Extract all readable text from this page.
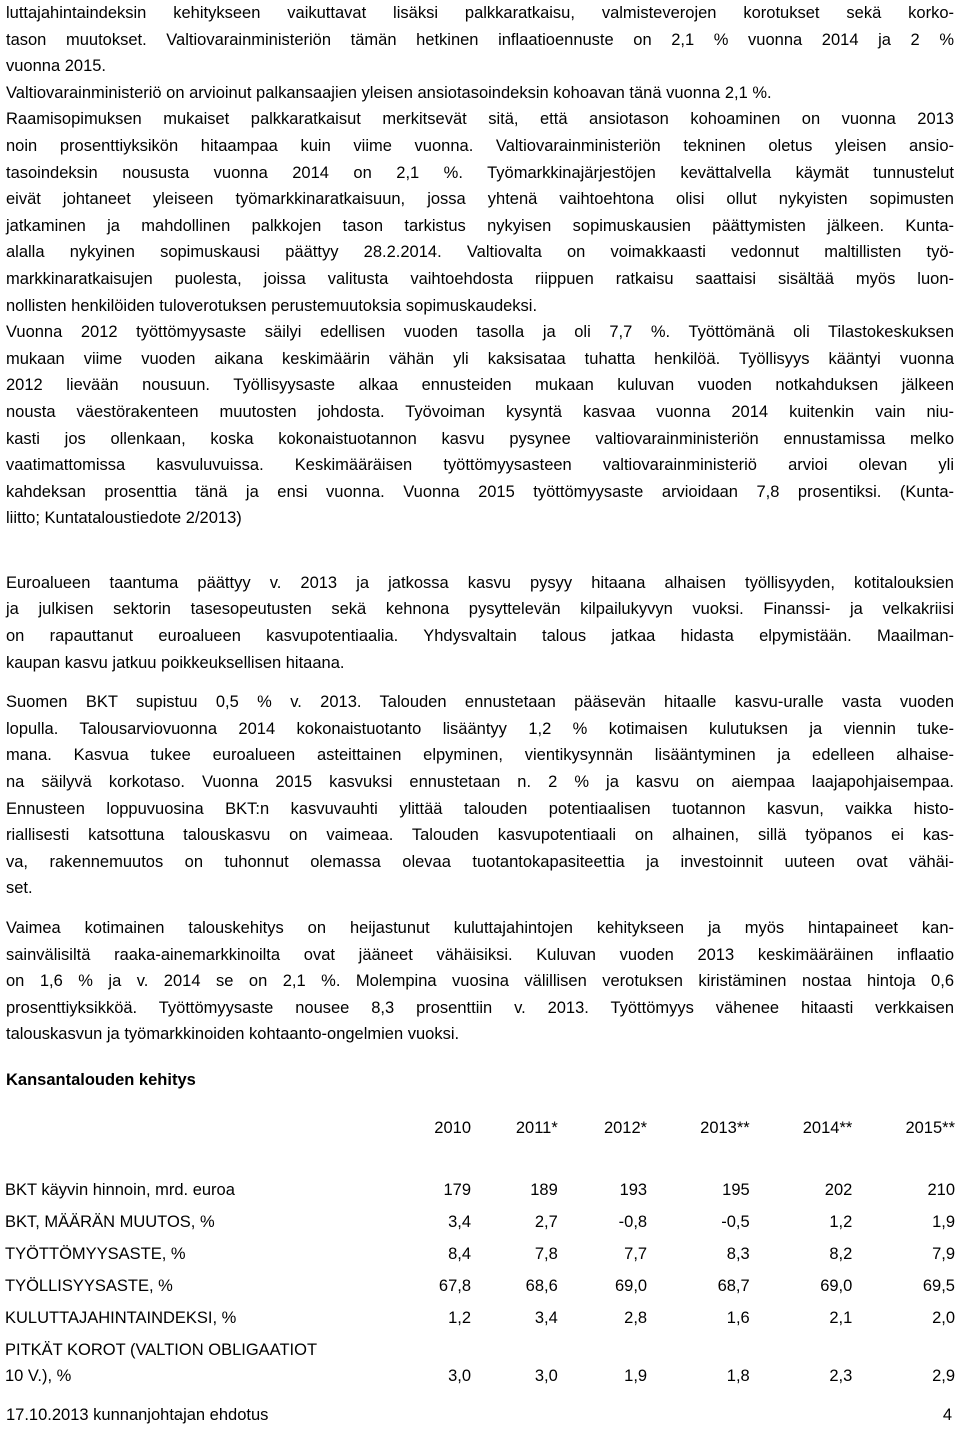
luttajahintaindeksin kehitykseen vaikuttavat lisäksi palkkaratkaisu, valmisteverojen korotukset sekä korko-
tason muutokset. Valtiovarainministeriön tämän hetkinen inflaatioennuste on 2,1 % vuonna 2014 ja 2 %
vuonna 2015.
Valtiovarainministeriö on arvioinut palkansaajien yleisen ansiotasoindeksin kohoavan tänä vuonna 2,1 %.
Raamisopimuksen mukaiset palkkaratkaisut merkitsevät sitä, että ansiotason kohoaminen on vuonna 2013
noin prosenttiyksikön hitaampaa kuin viime vuonna. Valtiovarainministeriön tekninen oletus yleisen ansio-
tasoindeksin noususta vuonna 2014 on 2,1 %. Työmarkkinajärjestöjen kevättalvella käymät tunnustelut
eivät johtaneet yleiseen työmarkkinaratkaisuun, jossa yhtenä vaihtoehtona olisi ollut nykyisten sopimusten
jatkaminen ja mahdollinen palkkojen tason tarkistus nykyisen sopimuskausien päättymisten jälkeen. Kunta-
alalla nykyinen sopimuskausi päättyy 28.2.2014. Valtiovalta on voimakkaasti vedonnut maltillisten työ-
markkinaratkaisujen puolesta, joissa valitusta vaihtoehdosta riippuen ratkaisu saattaisi sisältää myös luon-
nollisten henkilöiden tuloverotuksen perustemuutoksia sopimuskaudeksi.
Vuonna 2012 työttömyysaste säilyi edellisen vuoden tasolla ja oli 7,7 %. Työttömänä oli Tilastokeskuksen
mukaan viime vuoden aikana keskimäärin vähän yli kaksisataa tuhatta henkilöä. Työllisyys kääntyi vuonna
2012 lievään nousuun. Työllisyysaste alkaa ennusteiden mukaan kuluvan vuoden notkahduksen jälkeen
nousta väestörakenteen muutosten johdosta. Työvoiman kysyntä kasvaa vuonna 2014 kuitenkin vain niu-
kasti jos ollenkaan, koska kokonaistuotannon kasvu pysynee valtiovarainministeriön ennustamissa melko
vaatimattomissa kasvuluvuissa. Keskimääräisen työttömyysasteen valtiovarainministeriö arvioi olevan yli
kahdeksan prosenttia tänä ja ensi vuonna. Vuonna 2015 työttömyysaste arvioidaan 7,8 prosentiksi. (Kunta-
liitto; Kuntataloustiedote 2/2013)

Euroalueen taantuma päättyy v. 2013 ja jatkossa kasvu pysyy hitaana alhaisen työllisyyden, kotitalouksien
ja julkisen sektorin tasesopeutusten sekä kehnona pysyttelevän kilpailukyvyn vuoksi. Finanssi- ja velkakriisi
on rapauttanut euroalueen kasvupotentiaalia. Yhdysvaltain talous jatkaa hidasta elpymistään. Maailman-
kaupan kasvu jatkuu poikkeuksellisen hitaana.

Suomen BKT supistuu 0,5 % v. 2013. Talouden ennustetaan pääsevän hitaalle kasvu-uralle vasta vuoden
lopulla. Talousarviovuonna 2014 kokonaistuotanto lisääntyy 1,2 % kotimaisen kulutuksen ja viennin tuke-
mana. Kasvua tukee euroalueen asteittainen elpyminen, vientikysynnän lisääntyminen ja edelleen alhaise-
na säilyvä korkotaso. Vuonna 2015 kasvuksi ennustetaan n. 2 % ja kasvu on aiempaa laajapohjaisempaa.
Ennusteen loppuvuosina BKT:n kasvuvauhti ylittää talouden potentiaalisen tuotannon kasvun, vaikka histo-
riallisesti katsottuna talouskasvu on vaimeaa. Talouden kasvupotentiaali on alhainen, sillä työpanos ei kas-
va, rakennemuutos on tuhonnut olemassa olevaa tuotantokapasiteettia ja investoinnit uuteen ovat vähäi-
set.

Vaimea kotimainen talouskehitys on heijastunut kuluttajahintojen kehitykseen ja myös hintapaineet kan-
sainvälisiltä raaka-ainemarkkinoilta ovat jääneet vähäisiksi. Kuluvan vuoden 2013 keskimääräinen inflaatio
on 1,6 % ja v. 2014 se on 2,1 %. Molempina vuosina välillisen verotuksen kiristäminen nostaa hintoja 0,6
prosenttiyksikköä. Työttömyysaste nousee 8,3 prosenttiin v. 2013. Työttömyys vähenee hitaasti verkkaisen
talouskasvun ja työmarkkinoiden kohtaanto-ongelmien vuoksi.

Kansantalouden kehitys

	2010	2011*	2012*	2013**	2014**	2015**

BKT käyvin hinnoin, mrd. euroa	179	189	193	195	202	210

BKT, MÄÄRÄN MUUTOS, %	3,4	2,7	-0,8	-0,5	1,2	1,9

TYÖTTÖMYYSASTE, %	8,4	7,8	7,7	8,3	8,2	7,9

TYÖLLISYYSASTE, %	67,8	68,6	69,0	68,7	69,0	69,5

KULUTTAJAHINTAINDEKSI, %	1,2	3,4	2,8	1,6	2,1	2,0

PITKÄT KOROT (VALTION OBLIGAATIOT
10 V.), %	3,0	3,0	1,9	1,8	2,3	2,9
17.10.2013 kunnanjohtajan ehdotus	4
